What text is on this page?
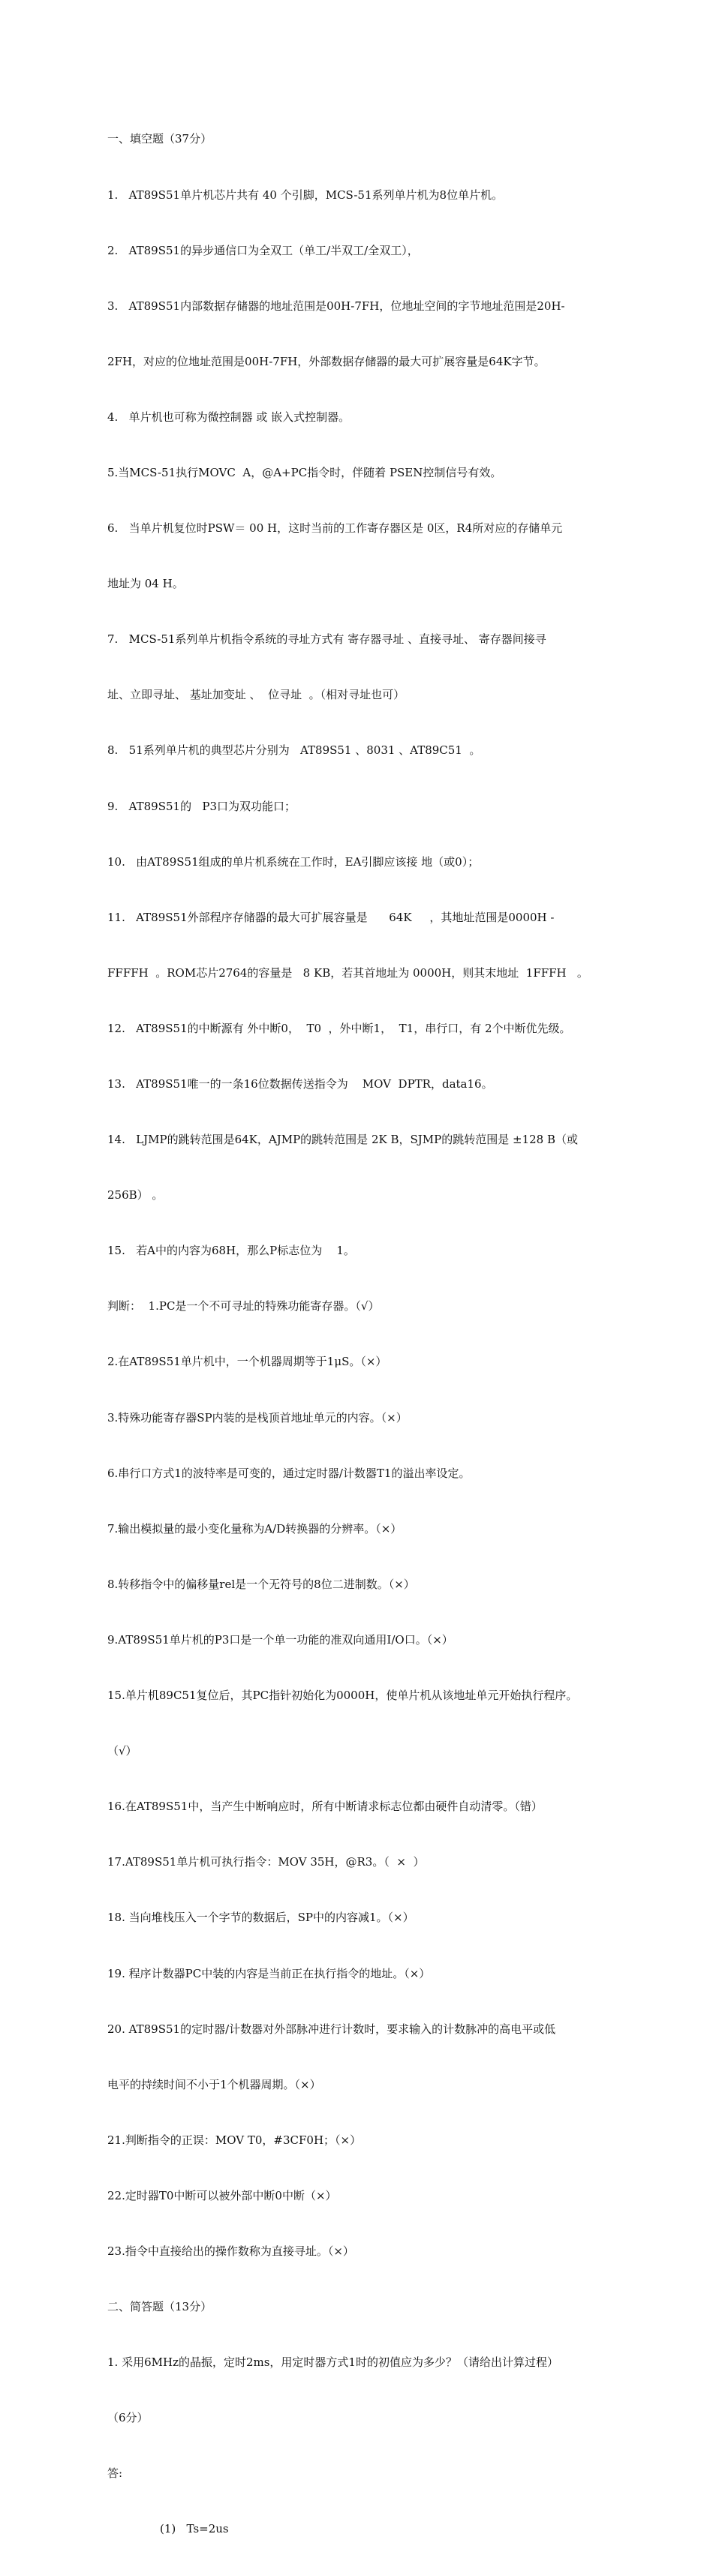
一、填空题（37分）

1.   AT89S51单片机芯片共有 40 个引脚，MCS-51系列单片机为8位单片机。

2.   AT89S51的异步通信口为全双工（单工/半双工/全双工），

3.   AT89S51内部数据存储器的地址范围是00H-7FH，位地址空间的字节地址范围是20H-

2FH，对应的位地址范围是00H-7FH，外部数据存储器的最大可扩展容量是64K字节。

4.   单片机也可称为微控制器 或 嵌入式控制器。

5.当MCS-51执行MOVC  A，@A+PC指令时，伴随着 PSEN控制信号有效。

6.   当单片机复位时PSW＝ 00 H，这时当前的工作寄存器区是 0区，R4所对应的存储单元

地址为 04 H。

7.   MCS-51系列单片机指令系统的寻址方式有 寄存器寻址 、直接寻址、 寄存器间接寻

址、立即寻址、 基址加变址 、  位寻址  。（相对寻址也可）

8.   51系列单片机的典型芯片分别为   AT89S51 、8031 、AT89C51  。

9.   AT89S51的   P3口为双功能口；

10.   由AT89S51组成的单片机系统在工作时，EA引脚应该接 地（或0）；

11.   AT89S51外部程序存储器的最大可扩展容量是      64K     ，其地址范围是0000H -

FFFFH  。ROM芯片2764的容量是   8 KB，若其首地址为 0000H，则其末地址  1FFFH   。

12.   AT89S51的中断源有 外中断0，  T0  ，外中断1，  T1，串行口，有 2个中断优先级。

13.   AT89S51唯一的一条16位数据传送指令为    MOV  DPTR，data16。

14.   LJMP的跳转范围是64K，AJMP的跳转范围是 2K B，SJMP的跳转范围是 ±128 B（或

256B） 。

15.   若A中的内容为68H，那么P标志位为    1。

判断：  1.PC是一个不可寻址的特殊功能寄存器。（√）

2.在AT89S51单片机中，一个机器周期等于1μS。（×）

3.特殊功能寄存器SP内装的是栈顶首地址单元的内容。（×）

6.串行口方式1的波特率是可变的，通过定时器/计数器T1的溢出率设定。

7.输出模拟量的最小变化量称为A/D转换器的分辨率。（×）

8.转移指令中的偏移量rel是一个无符号的8位二进制数。（×）

9.AT89S51单片机的P3口是一个单一功能的准双向通用I/O口。（×）

15.单片机89C51复位后，其PC指针初始化为0000H，使单片机从该地址单元开始执行程序。

（√）

16.在AT89S51中，当产生中断响应时，所有中断请求标志位都由硬件自动清零。（错）

17.AT89S51单片机可执行指令：MOV 35H，@R3。（  ×  ）

18. 当向堆栈压入一个字节的数据后，SP中的内容减1。（×）

19. 程序计数器PC中装的内容是当前正在执行指令的地址。（×）

20. AT89S51的定时器/计数器对外部脉冲进行计数时，要求输入的计数脉冲的高电平或低

电平的持续时间不小于1个机器周期。（×）

21.判断指令的正误：MOV T0，#3CF0H；（×）

22.定时器T0中断可以被外部中断0中断（×）

23.指令中直接给出的操作数称为直接寻址。（×）

二、简答题（13分）

1. 采用6MHz的晶振，定时2ms，用定时器方式1时的初值应为多少？（请给出计算过程）

（6分）

答:

(1)   Ts=2us
